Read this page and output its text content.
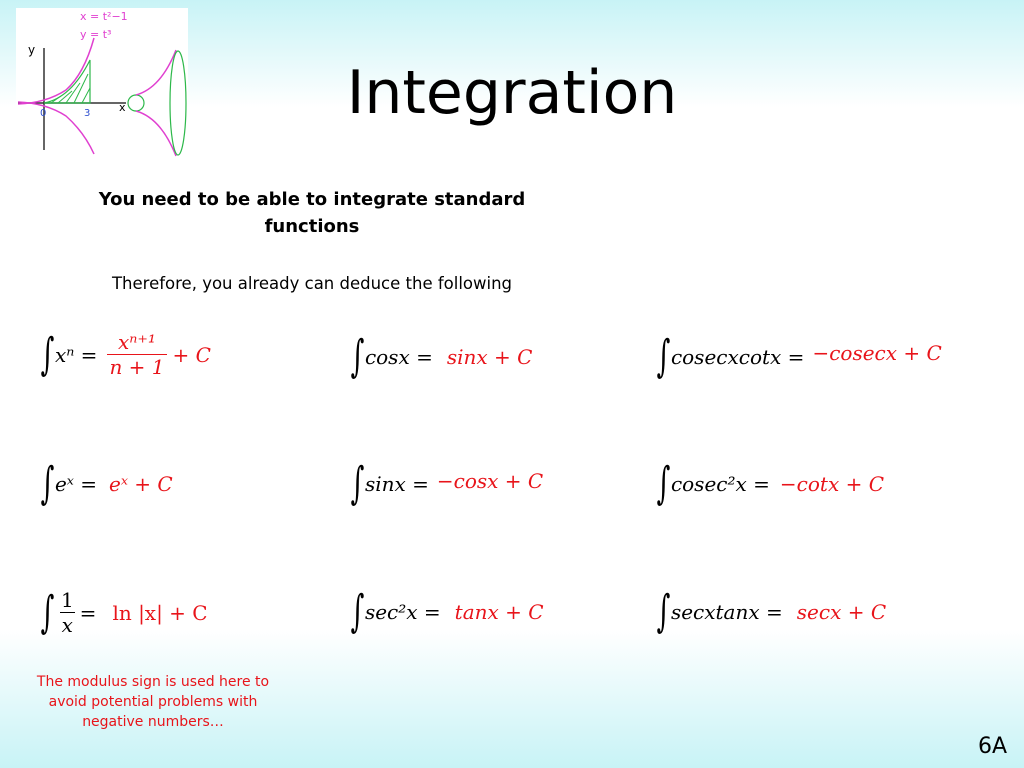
y
x
0	3
x = t²−1
y = t³
Integration
You need to be able to integrate standard functions
Therefore, you already can deduce the following
∫ $x^n = \frac{\text{xⁿ⁺¹}}{n + 1} + C$	∫ cosx = sinx + C	∫ cosecxcotx = −cosecx + C
∫ eˣ = eˣ + C	∫ sinx = −cosx + C	∫ cosec²x = −cotx + C
∫ $\frac{1}{x} = \ln |x| + C$	∫ sec²x = tanx + C	∫ secxtanx = secx + C
The modulus sign is used here to avoid potential problems with negative numbers…
6A
